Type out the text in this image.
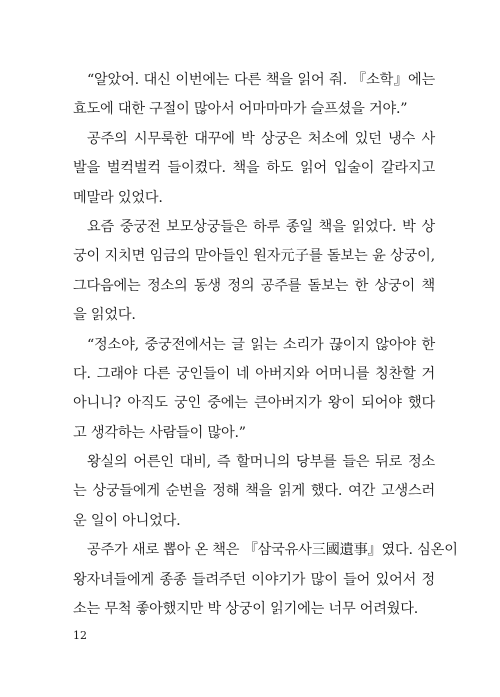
“알았어. 대신 이번에는 다른 책을 읽어 줘. 『소학』에는
효도에 대한 구절이 많아서 어마마마가 슬프셨을 거야.”
공주의 시무룩한 대꾸에 박 상궁은 처소에 있던 냉수 사
발을 벌컥벌컥 들이켰다. 책을 하도 읽어 입술이 갈라지고
메말라 있었다.
요즘 중궁전 보모상궁들은 하루 종일 책을 읽었다. 박 상
궁이 지치면 임금의 맏아들인 원자元子를 돌보는 윤 상궁이,
그다음에는 정소의 동생 정의 공주를 돌보는 한 상궁이 책
을 읽었다.
“정소야, 중궁전에서는 글 읽는 소리가 끊이지 않아야 한
다. 그래야 다른 궁인들이 네 아버지와 어머니를 칭찬할 거
아니니? 아직도 궁인 중에는 큰아버지가 왕이 되어야 했다
고 생각하는 사람들이 많아.”
왕실의 어른인 대비, 즉 할머니의 당부를 들은 뒤로 정소
는 상궁들에게 순번을 정해 책을 읽게 했다. 여간 고생스러
운 일이 아니었다.
공주가 새로 뽑아 온 책은 『삼국유사三國遺事』였다. 심온이
왕자녀들에게 종종 들려주던 이야기가 많이 들어 있어서 정
소는 무척 좋아했지만 박 상궁이 읽기에는 너무 어려웠다.
12
